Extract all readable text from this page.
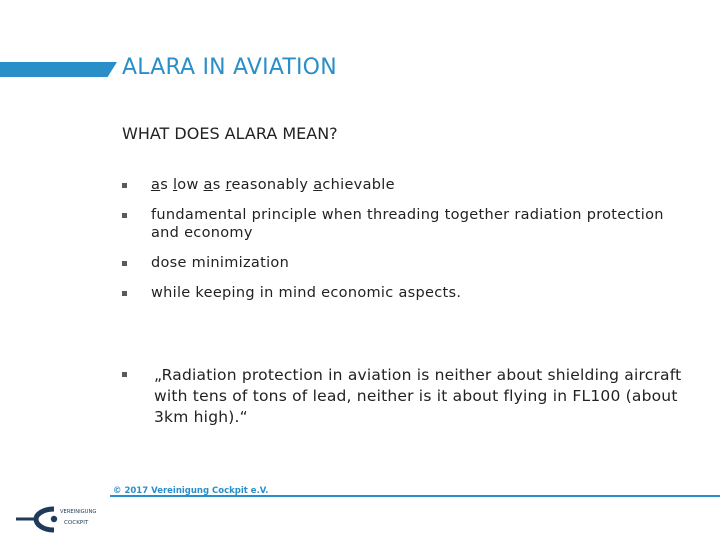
ALARA IN AVIATION
WHAT DOES ALARA MEAN?
as low as reasonably achievable
fundamental principle when threading together radiation protection
and economy
dose minimization
while keeping in mind economic aspects.
„Radiation protection in aviation is neither about shielding aircraft
with tens of tons of lead, neither is it about flying in FL100 (about
3km high).“
VEREINIGUNG
COCKPIT
© 2017 Vereinigung Cockpit e.V.
